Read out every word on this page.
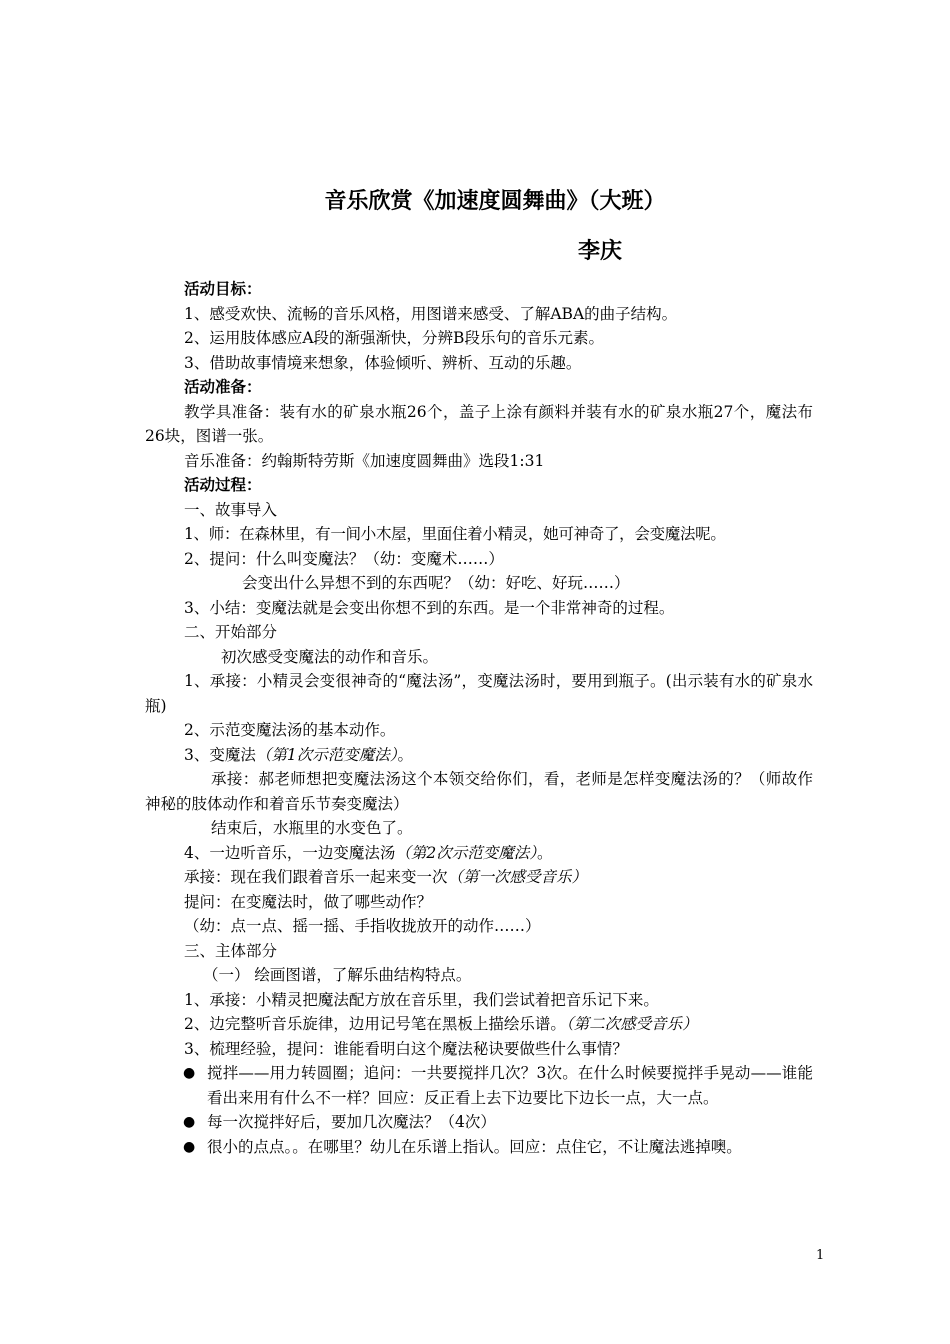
音乐欣赏《加速度圆舞曲》（大班）
李庆

活动目标：

1、感受欢快、流畅的音乐风格，用图谱来感受、了解ABA的曲子结构。

2、运用肢体感应A段的渐强渐快，分辨B段乐句的音乐元素。

3、借助故事情境来想象，体验倾听、辨析、互动的乐趣。

活动准备：

教学具准备：装有水的矿泉水瓶26个，盖子上涂有颜料并装有水的矿泉水瓶27个，魔法布26块，图谱一张。

音乐准备：约翰斯特劳斯《加速度圆舞曲》选段1:31

活动过程：

一、故事导入

1、师：在森林里，有一间小木屋，里面住着小精灵，她可神奇了，会变魔法呢。

2、提问：什么叫变魔法？（幼：变魔术……）

会变出什么异想不到的东西呢？（幼：好吃、好玩……）

3、小结：变魔法就是会变出你想不到的东西。是一个非常神奇的过程。

二、开始部分

初次感受变魔法的动作和音乐。

1、承接：小精灵会变很神奇的“魔法汤”，变魔法汤时，要用到瓶子。(出示装有水的矿泉水瓶)

2、示范变魔法汤的基本动作。

3、变魔法（第1次示范变魔法）。

承接：郝老师想把变魔法汤这个本领交给你们，看，老师是怎样变魔法汤的？（师故作神秘的肢体动作和着音乐节奏变魔法）

结束后，水瓶里的水变色了。

4、一边听音乐，一边变魔法汤（第2次示范变魔法）。

承接：现在我们跟着音乐一起来变一次（第一次感受音乐）

提问：在变魔法时，做了哪些动作？

（幼：点一点、摇一摇、手指收拢放开的动作……）

三、主体部分

（一） 绘画图谱，了解乐曲结构特点。

1、承接：小精灵把魔法配方放在音乐里，我们尝试着把音乐记下来。

2、边完整听音乐旋律，边用记号笔在黑板上描绘乐谱。（第二次感受音乐）

3、梳理经验，提问：谁能看明白这个魔法秘诀要做些什么事情？

● 搅拌——用力转圆圈；追问：一共要搅拌几次？3次。在什么时候要搅拌手晃动——谁能看出来用有什么不一样？回应：反正看上去下边要比下边长一点，大一点。
● 每一次搅拌好后，要加几次魔法？（4次）
● 很小的点点。。在哪里？幼儿在乐谱上指认。回应：点住它，不让魔法逃掉噢。
1
